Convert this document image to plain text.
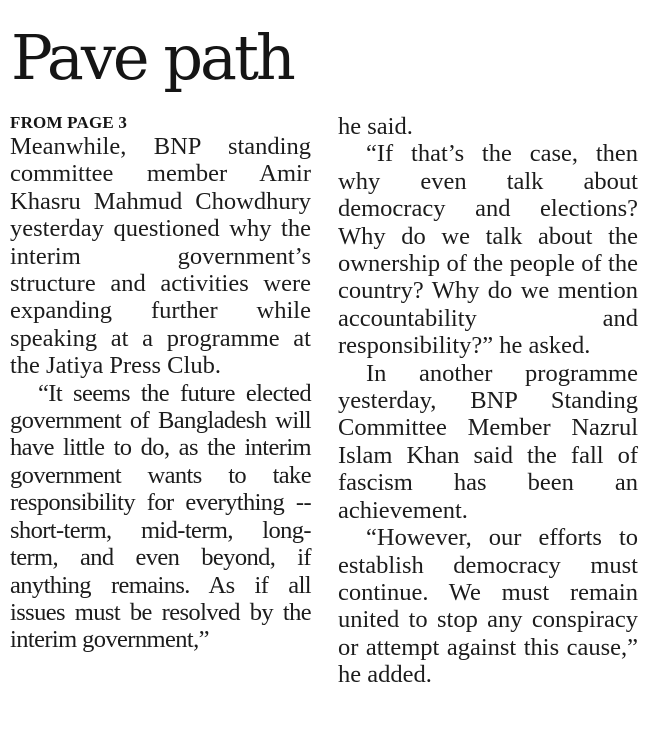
Pave path
FROM PAGE 3

Meanwhile, BNP standing committee member Amir Khasru Mahmud Chowdhury yesterday questioned why the interim government’s structure and activities were expanding further while speaking at a programme at the Jatiya Press Club.

“It seems the future elected government of Bangladesh will have little to do, as the interim government wants to take responsibility for everything -- short-term, mid-term, long-term, and even beyond, if anything remains. As if all issues must be resolved by the interim government,”

he said.

“If that’s the case, then why even talk about democracy and elections? Why do we talk about the ownership of the people of the country? Why do we mention accountability and responsibility?” he asked.

In another programme yesterday, BNP Standing Committee Member Nazrul Islam Khan said the fall of fascism has been an achievement.

“However, our efforts to establish democracy must continue. We must remain united to stop any conspiracy or attempt against this cause,” he added.
